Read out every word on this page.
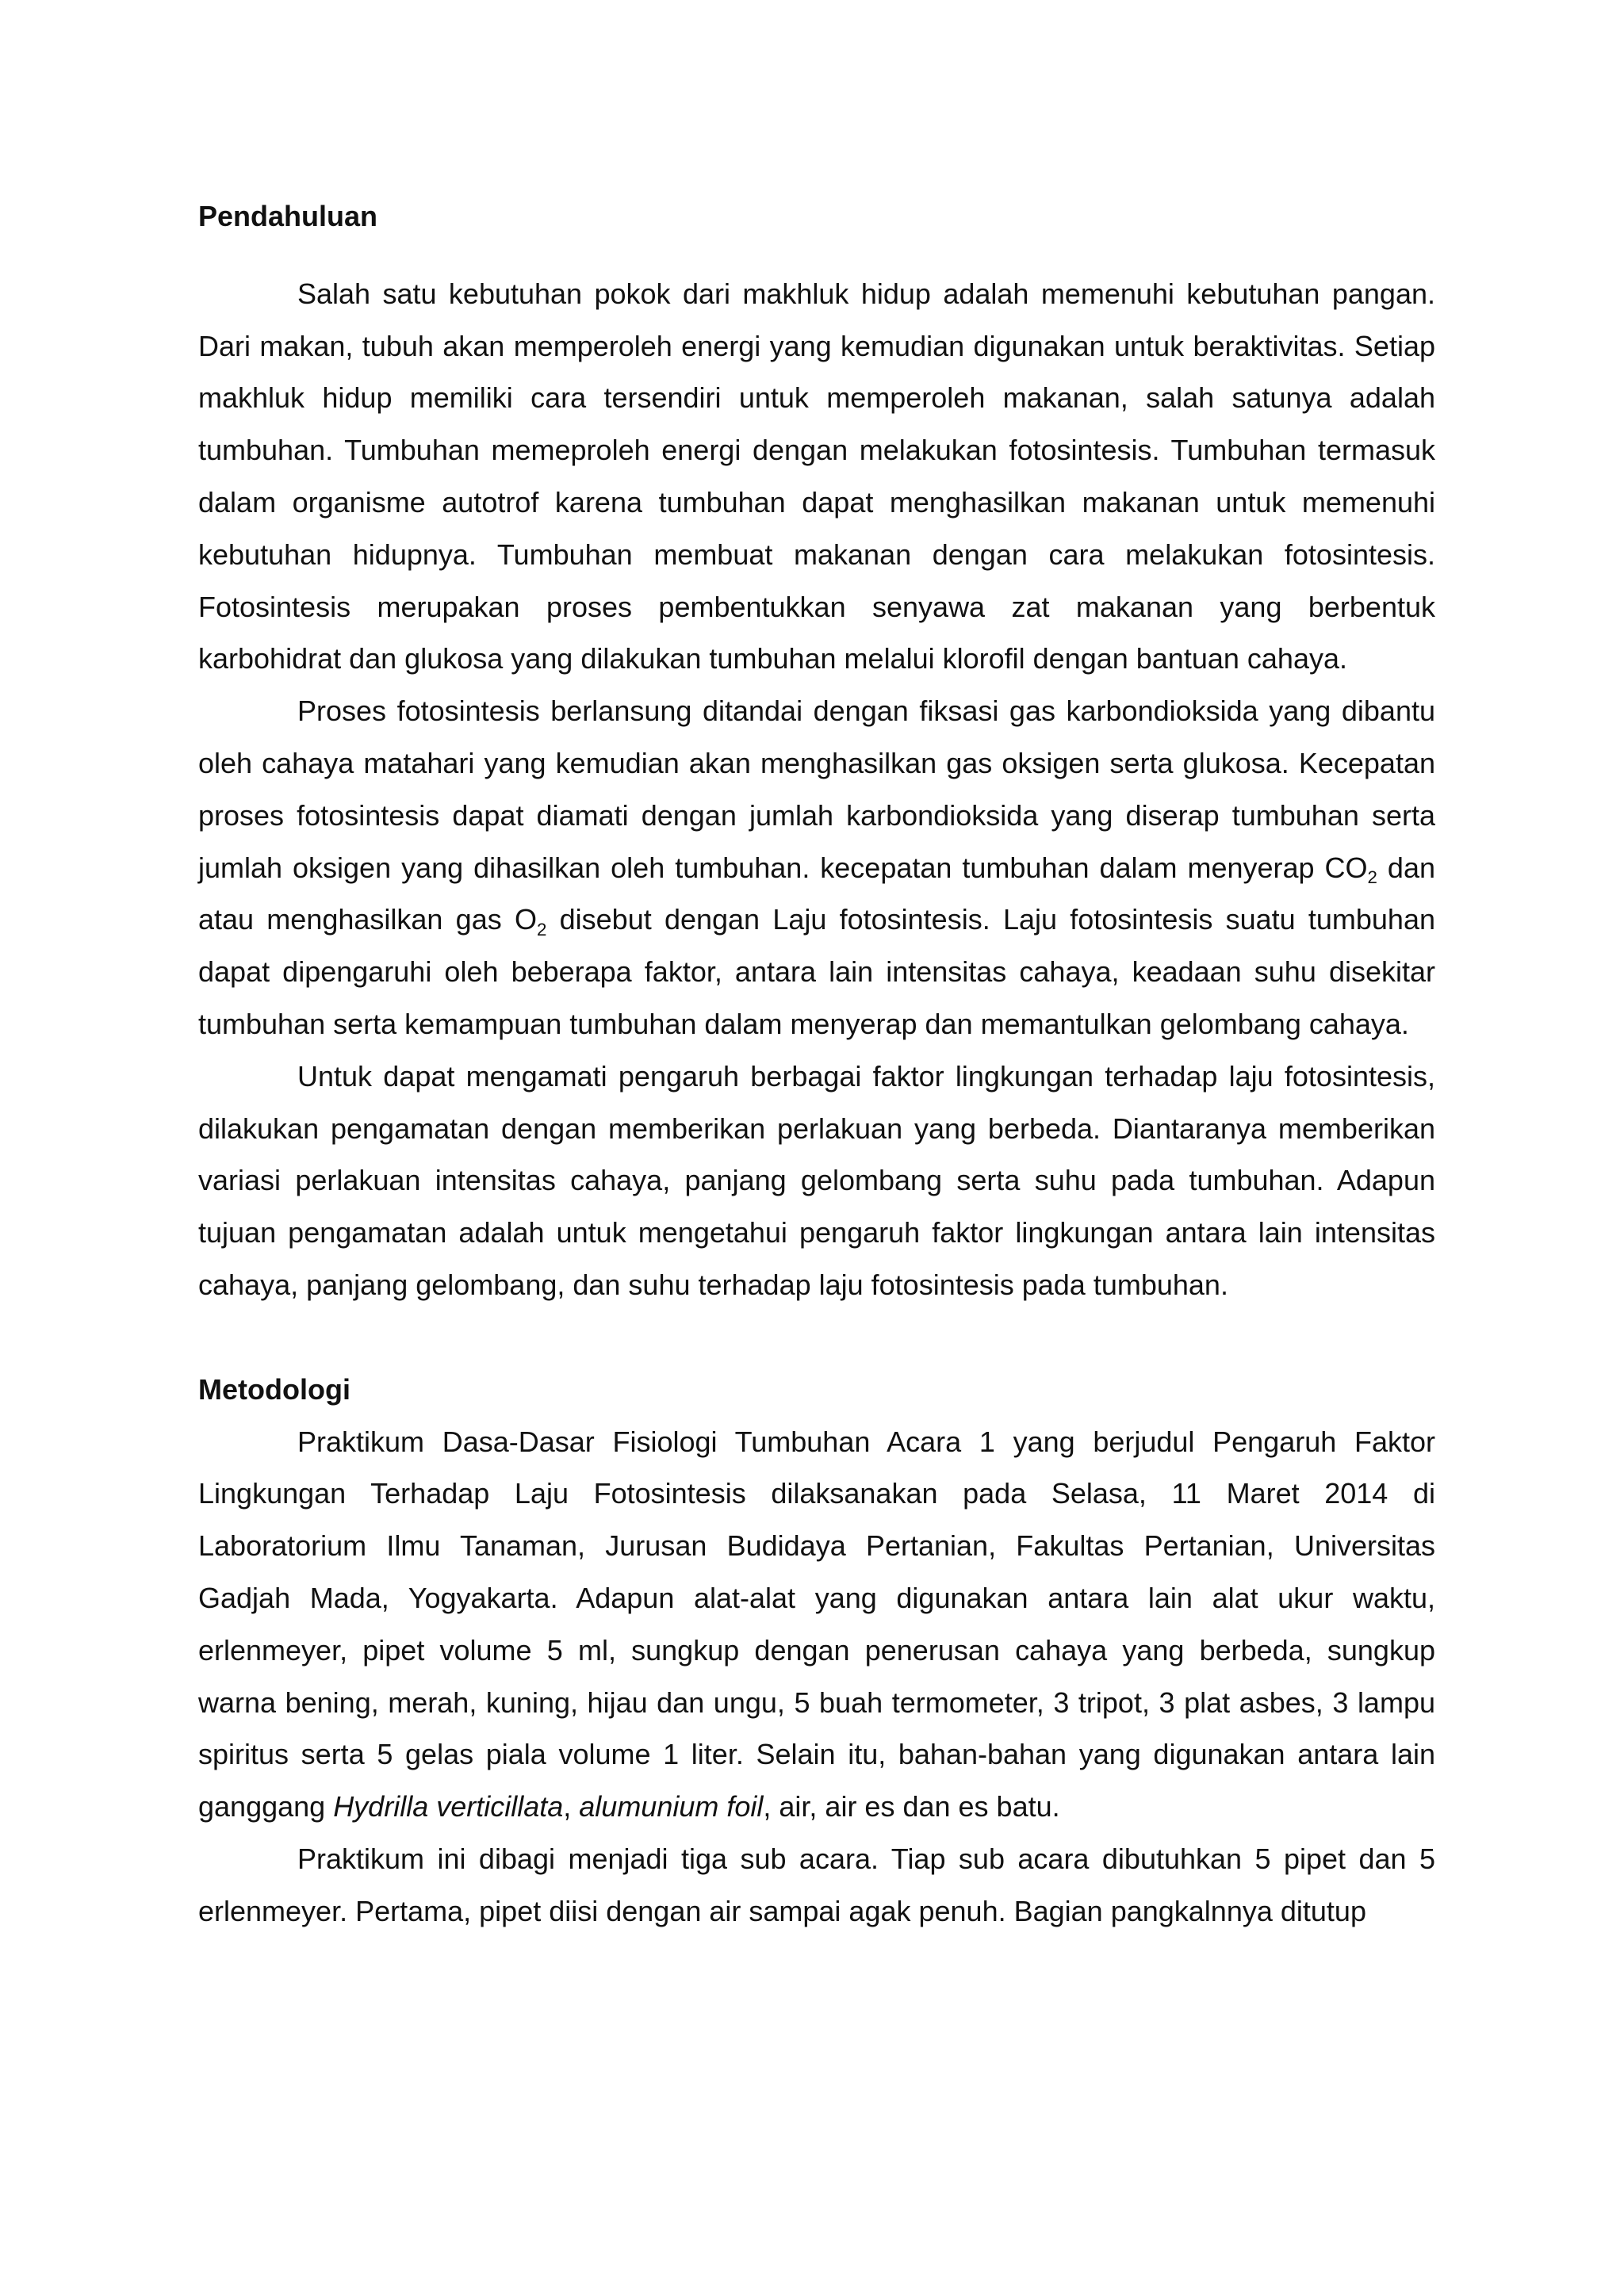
Pendahuluan

Salah satu kebutuhan pokok dari makhluk hidup adalah memenuhi kebutuhan pangan. Dari makan, tubuh akan memperoleh energi yang kemudian digunakan untuk beraktivitas. Setiap makhluk hidup memiliki cara tersendiri untuk memperoleh makanan, salah satunya adalah tumbuhan. Tumbuhan memeproleh energi dengan melakukan fotosintesis. Tumbuhan termasuk dalam organisme autotrof karena tumbuhan dapat menghasilkan makanan untuk memenuhi kebutuhan hidupnya. Tumbuhan membuat makanan dengan cara melakukan fotosintesis. Fotosintesis merupakan proses pembentukkan senyawa zat makanan yang berbentuk karbohidrat dan glukosa yang dilakukan tumbuhan melalui klorofil dengan bantuan cahaya.

Proses fotosintesis berlansung ditandai dengan fiksasi gas karbondioksida yang dibantu oleh cahaya matahari yang kemudian akan menghasilkan gas oksigen serta glukosa. Kecepatan proses fotosintesis dapat diamati dengan jumlah karbondioksida yang diserap tumbuhan serta jumlah oksigen yang dihasilkan oleh tumbuhan. kecepatan tumbuhan dalam menyerap $CO_2$ dan atau menghasilkan gas $O_2$ disebut dengan Laju fotosintesis. Laju fotosintesis suatu tumbuhan dapat dipengaruhi oleh beberapa faktor, antara lain intensitas cahaya, keadaan suhu disekitar tumbuhan serta kemampuan tumbuhan dalam menyerap dan memantulkan gelombang cahaya.

Untuk dapat mengamati pengaruh berbagai faktor lingkungan terhadap laju fotosintesis, dilakukan pengamatan dengan memberikan perlakuan yang berbeda. Diantaranya memberikan variasi perlakuan intensitas cahaya, panjang gelombang serta suhu pada tumbuhan. Adapun tujuan pengamatan adalah untuk mengetahui pengaruh faktor lingkungan antara lain intensitas cahaya, panjang gelombang, dan suhu terhadap laju fotosintesis pada tumbuhan.

Metodologi

Praktikum Dasa-Dasar Fisiologi Tumbuhan Acara 1 yang berjudul Pengaruh Faktor Lingkungan Terhadap Laju Fotosintesis dilaksanakan pada Selasa, 11 Maret 2014 di Laboratorium Ilmu Tanaman, Jurusan Budidaya Pertanian, Fakultas Pertanian, Universitas Gadjah Mada, Yogyakarta. Adapun alat-alat yang digunakan antara lain alat ukur waktu, erlenmeyer, pipet volume 5 ml, sungkup dengan penerusan cahaya yang berbeda, sungkup warna bening, merah, kuning, hijau dan ungu, 5 buah termometer, 3 tripot, 3 plat asbes, 3 lampu spiritus serta 5 gelas piala volume 1 liter. Selain itu, bahan-bahan yang digunakan antara lain ganggang Hydrilla verticillata, alumunium foil, air, air es dan es batu.

Praktikum ini dibagi menjadi tiga sub acara. Tiap sub acara dibutuhkan 5 pipet dan 5 erlenmeyer. Pertama, pipet diisi dengan air sampai agak penuh. Bagian pangkalnnya ditutup
